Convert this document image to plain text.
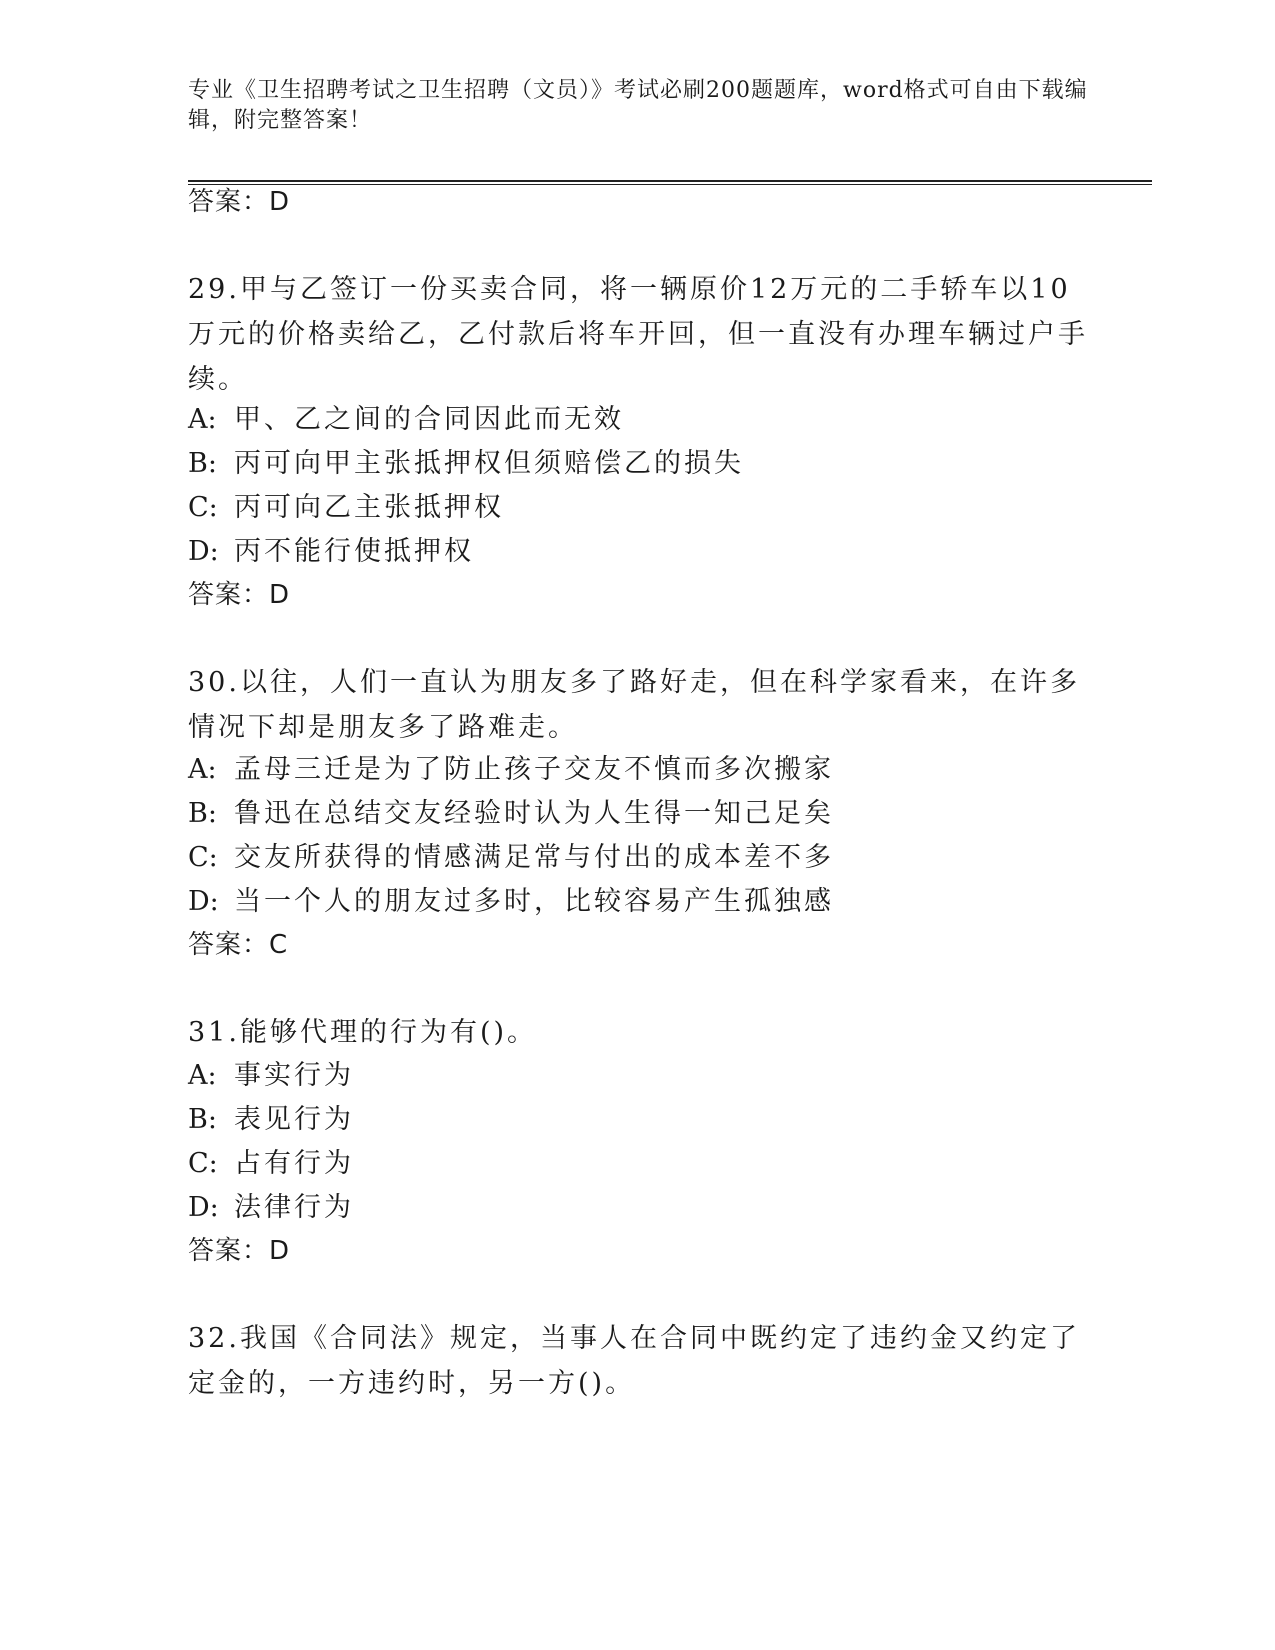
专业《卫生招聘考试之卫生招聘（文员）》考试必刷200题题库，word格式可自由下载编辑，附完整答案！
答案：D
29.甲与乙签订一份买卖合同，将一辆原价12万元的二手轿车以10万元的价格卖给乙，乙付款后将车开回，但一直没有办理车辆过户手续。
A: 甲、乙之间的合同因此而无效
B: 丙可向甲主张抵押权但须赔偿乙的损失
C: 丙可向乙主张抵押权
D: 丙不能行使抵押权
答案：D
30.以往，人们一直认为朋友多了路好走，但在科学家看来，在许多情况下却是朋友多了路难走。
A: 孟母三迁是为了防止孩子交友不慎而多次搬家
B: 鲁迅在总结交友经验时认为人生得一知己足矣
C: 交友所获得的情感满足常与付出的成本差不多
D: 当一个人的朋友过多时，比较容易产生孤独感
答案：C
31.能够代理的行为有()。
A: 事实行为
B: 表见行为
C: 占有行为
D: 法律行为
答案：D
32.我国《合同法》规定，当事人在合同中既约定了违约金又约定了定金的，一方违约时，另一方()。
